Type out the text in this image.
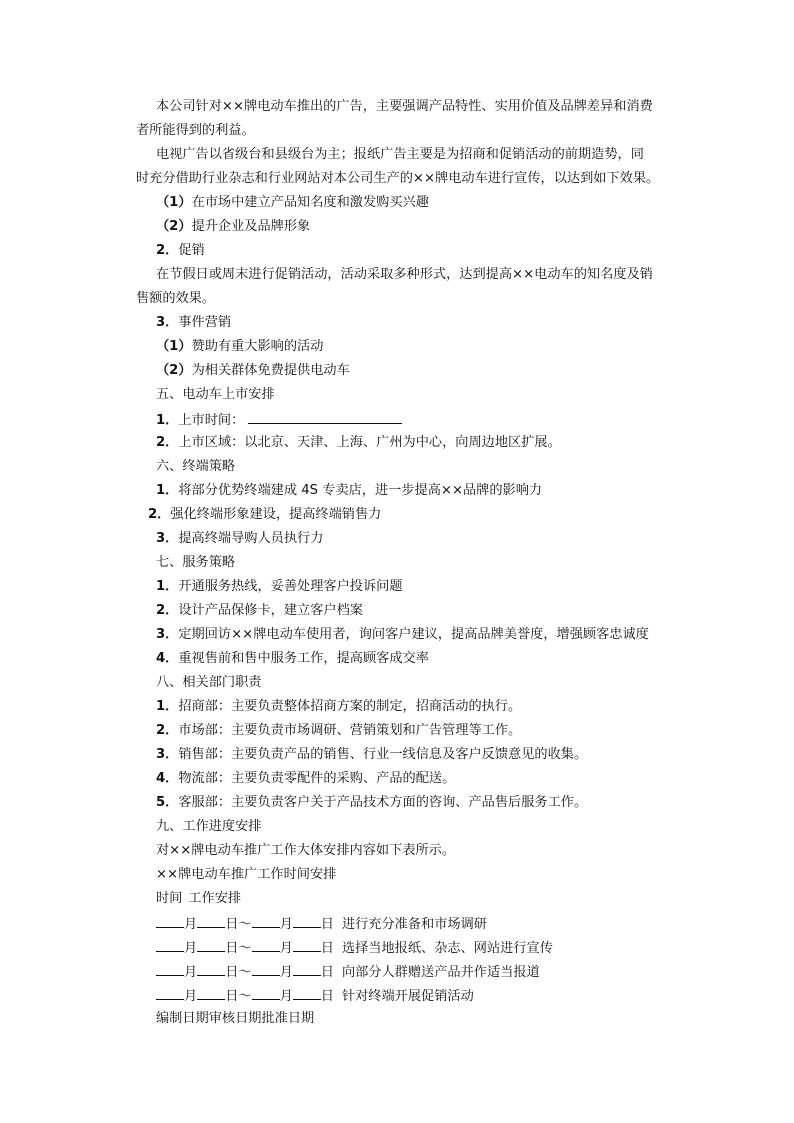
本公司针对××牌电动车推出的广告，主要强调产品特性、实用价值及品牌差异和消费
者所能得到的利益。
电视广告以省级台和县级台为主；报纸广告主要是为招商和促销活动的前期造势，同
时充分借助行业杂志和行业网站对本公司生产的××牌电动车进行宣传，以达到如下效果。
（1）在市场中建立产品知名度和激发购买兴趣
（2）提升企业及品牌形象
2．促销
在节假日或周末进行促销活动，活动采取多种形式，达到提高××电动车的知名度及销
售额的效果。
3．事件营销
（1）赞助有重大影响的活动
（2）为相关群体免费提供电动车
五、电动车上市安排
1．上市时间：
2．上市区域：以北京、天津、上海、广州为中心，向周边地区扩展。
六、终端策略
1．将部分优势终端建成 4S 专卖店，进一步提高××品牌的影响力
2．强化终端形象建设，提高终端销售力
3．提高终端导购人员执行力
七、服务策略
1．开通服务热线，妥善处理客户投诉问题
2．设计产品保修卡，建立客户档案
3．定期回访××牌电动车使用者，询问客户建议，提高品牌美誉度，增强顾客忠诚度
4．重视售前和售中服务工作，提高顾客成交率
八、相关部门职责
1．招商部：主要负责整体招商方案的制定，招商活动的执行。
2．市场部：主要负责市场调研、营销策划和广告管理等工作。
3．销售部：主要负责产品的销售、行业一线信息及客户反馈意见的收集。
4．物流部：主要负责零配件的采购、产品的配送。
5．客服部：主要负责客户关于产品技术方面的咨询、产品售后服务工作。
九、工作进度安排
对××牌电动车推广工作大体安排内容如下表所示。
××牌电动车推广工作时间安排
时间 工作安排
月 日～ 月 日 进行充分准备和市场调研
月 日～ 月 日 选择当地报纸、杂志、网站进行宣传
月 日～ 月 日 向部分人群赠送产品并作适当报道
月 日～ 月 日 针对终端开展促销活动
编制日期审核日期批准日期
